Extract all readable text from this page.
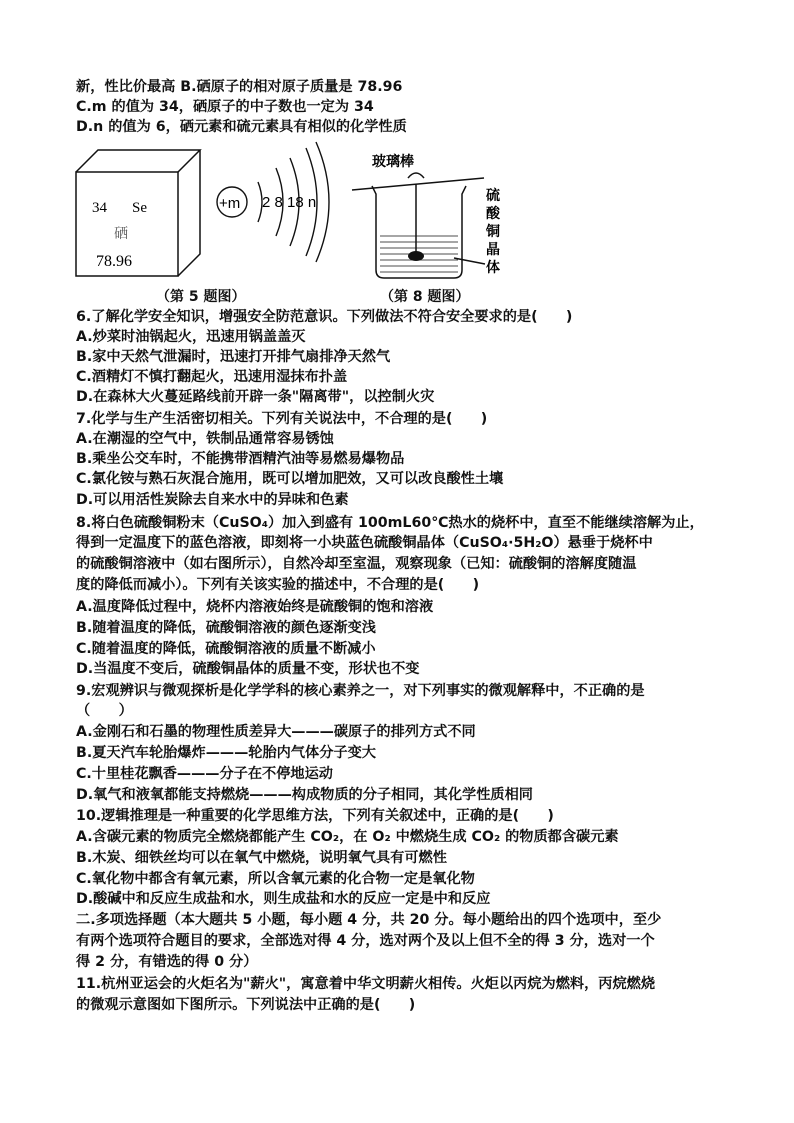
新，性比价最高 B.硒原子的相对原子质量是 78.96
C.m 的值为 34，硒原子的中子数也一定为 34
D.n 的值为 6，硒元素和硫元素具有相似的化学性质
34 Se
硒
78.96
+m 2 8 18 n
玻璃棒
硫
酸
铜
晶
体
（第 5 题图）	（第 8 题图）
6.了解化学安全知识，增强安全防范意识。下列做法不符合安全要求的是(　　)
A.炒菜时油锅起火，迅速用锅盖盖灭
B.家中天然气泄漏时，迅速打开排气扇排净天然气
C.酒精灯不慎打翻起火，迅速用湿抹布扑盖
D.在森林大火蔓延路线前开辟一条"隔离带"，以控制火灾
7.化学与生产生活密切相关。下列有关说法中，不合理的是(　　)
A.在潮湿的空气中，铁制品通常容易锈蚀
B.乘坐公交车时，不能携带酒精汽油等易燃易爆物品
C.氯化铵与熟石灰混合施用，既可以增加肥效，又可以改良酸性土壤
D.可以用活性炭除去自来水中的异味和色素
8.将白色硫酸铜粉末（CuSO₄）加入到盛有 100mL60℃热水的烧杯中，直至不能继续溶解为止，
得到一定温度下的蓝色溶液，即刻将一小块蓝色硫酸铜晶体（CuSO₄·5H₂O）悬垂于烧杯中
的硫酸铜溶液中（如右图所示），自然冷却至室温，观察现象（已知：硫酸铜的溶解度随温
度的降低而减小）。下列有关该实验的描述中，不合理的是(　　)
A.温度降低过程中，烧杯内溶液始终是硫酸铜的饱和溶液
B.随着温度的降低，硫酸铜溶液的颜色逐渐变浅
C.随着温度的降低，硫酸铜溶液的质量不断减小
D.当温度不变后，硫酸铜晶体的质量不变，形状也不变
9.宏观辨识与微观探析是化学学科的核心素养之一，对下列事实的微观解释中，不正确的是
（　　）
A.金刚石和石墨的物理性质差异大———碳原子的排列方式不同
B.夏天汽车轮胎爆炸———轮胎内气体分子变大
C.十里桂花飘香———分子在不停地运动
D.氧气和液氧都能支持燃烧———构成物质的分子相同，其化学性质相同
10.逻辑推理是一种重要的化学思维方法，下列有关叙述中，正确的是(　　)
A.含碳元素的物质完全燃烧都能产生 CO₂，在 O₂ 中燃烧生成 CO₂ 的物质都含碳元素
B.木炭、细铁丝均可以在氧气中燃烧，说明氧气具有可燃性
C.氧化物中都含有氧元素，所以含氧元素的化合物一定是氧化物
D.酸碱中和反应生成盐和水，则生成盐和水的反应一定是中和反应
二.多项选择题（本大题共 5 小题，每小题 4 分，共 20 分。每小题给出的四个选项中，至少
有两个选项符合题目的要求，全部选对得 4 分，选对两个及以上但不全的得 3 分，选对一个
得 2 分，有错选的得 0 分）
11.杭州亚运会的火炬名为"薪火"，寓意着中华文明薪火相传。火炬以丙烷为燃料，丙烷燃烧
的微观示意图如下图所示。下列说法中正确的是(　　)
